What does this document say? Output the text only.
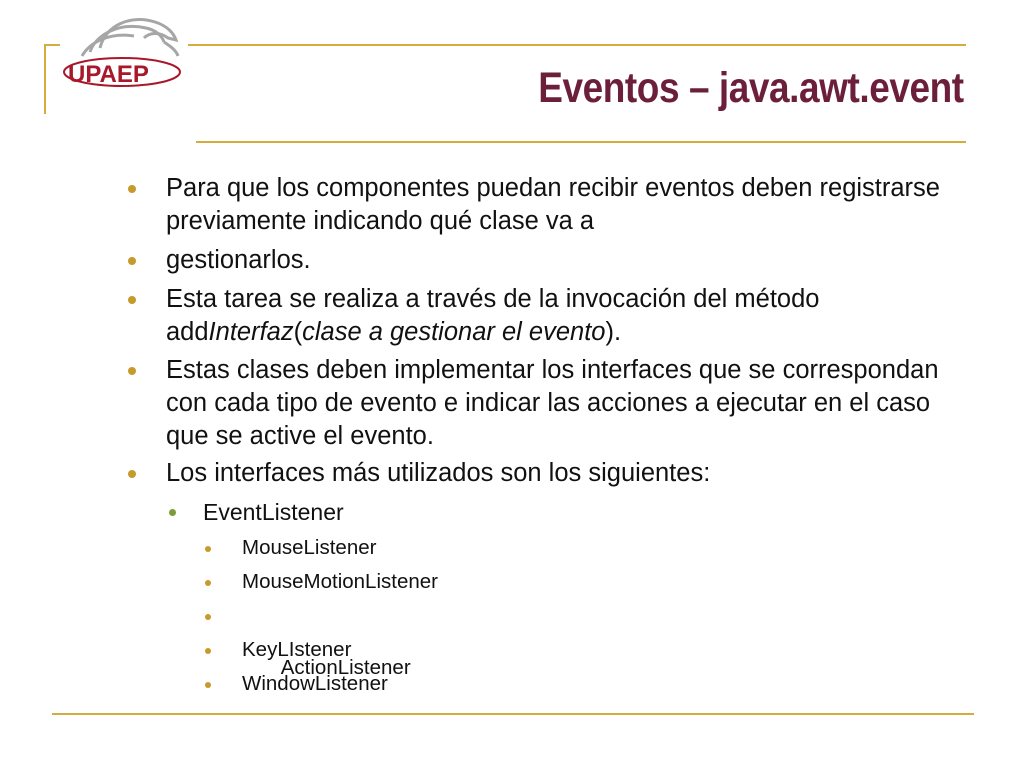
UPAEP	Eventos – java.awt.event
Para que los componentes puedan recibir eventos deben registrarse previamente indicando qué clase va a
gestionarlos.
Esta tarea se realiza a través de la invocación del método addInterfaz(clase a gestionar el evento).
Estas clases deben implementar los interfaces que se correspondan con cada tipo de evento e indicar las acciones a ejecutar en el caso que se active el evento.
Los interfaces más utilizados son los siguientes:
EventListener
MouseListener
MouseMotionListener

ActionListener

KeyLIstener
WindowListener
